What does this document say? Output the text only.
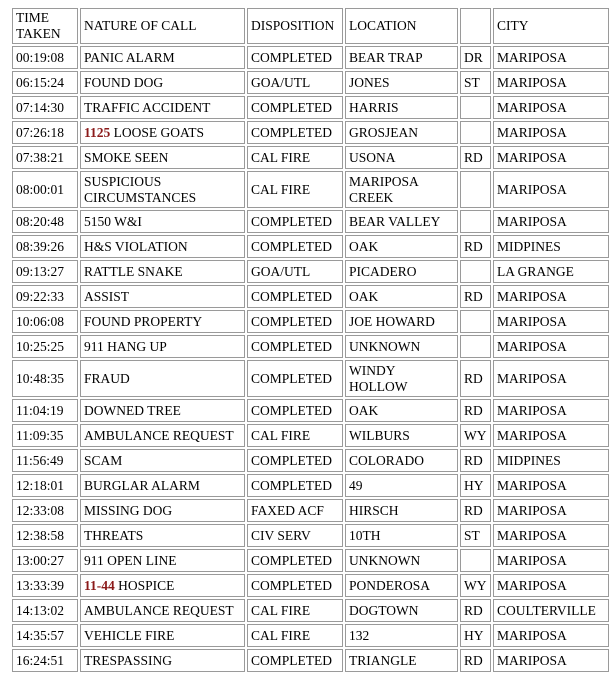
TIME TAKEN	NATURE OF CALL	DISPOSITION	LOCATION		CITY
00:19:08	PANIC ALARM	COMPLETED	BEAR TRAP	DR	MARIPOSA
06:15:24	FOUND DOG	GOA/UTL	JONES	ST	MARIPOSA
07:14:30	TRAFFIC ACCIDENT	COMPLETED	HARRIS		MARIPOSA
07:26:18	1125 LOOSE GOATS	COMPLETED	GROSJEAN		MARIPOSA
07:38:21	SMOKE SEEN	CAL FIRE	USONA	RD	MARIPOSA
08:00:01	SUSPICIOUS CIRCUMSTANCES	CAL FIRE	MARIPOSA CREEK		MARIPOSA
08:20:48	5150 W&I	COMPLETED	BEAR VALLEY		MARIPOSA
08:39:26	H&S VIOLATION	COMPLETED	OAK	RD	MIDPINES
09:13:27	RATTLE SNAKE	GOA/UTL	PICADERO		LA GRANGE
09:22:33	ASSIST	COMPLETED	OAK	RD	MARIPOSA
10:06:08	FOUND PROPERTY	COMPLETED	JOE HOWARD		MARIPOSA
10:25:25	911 HANG UP	COMPLETED	UNKNOWN		MARIPOSA
10:48:35	FRAUD	COMPLETED	WINDY HOLLOW	RD	MARIPOSA
11:04:19	DOWNED TREE	COMPLETED	OAK	RD	MARIPOSA
11:09:35	AMBULANCE REQUEST	CAL FIRE	WILBURS	WY	MARIPOSA
11:56:49	SCAM	COMPLETED	COLORADO	RD	MIDPINES
12:18:01	BURGLAR ALARM	COMPLETED	49	HY	MARIPOSA
12:33:08	MISSING DOG	FAXED ACF	HIRSCH	RD	MARIPOSA
12:38:58	THREATS	CIV SERV	10TH	ST	MARIPOSA
13:00:27	911 OPEN LINE	COMPLETED	UNKNOWN		MARIPOSA
13:33:39	11-44 HOSPICE	COMPLETED	PONDEROSA	WY	MARIPOSA
14:13:02	AMBULANCE REQUEST	CAL FIRE	DOGTOWN	RD	COULTERVILLE
14:35:57	VEHICLE FIRE	CAL FIRE	132	HY	MARIPOSA
16:24:51	TRESPASSING	COMPLETED	TRIANGLE	RD	MARIPOSA
